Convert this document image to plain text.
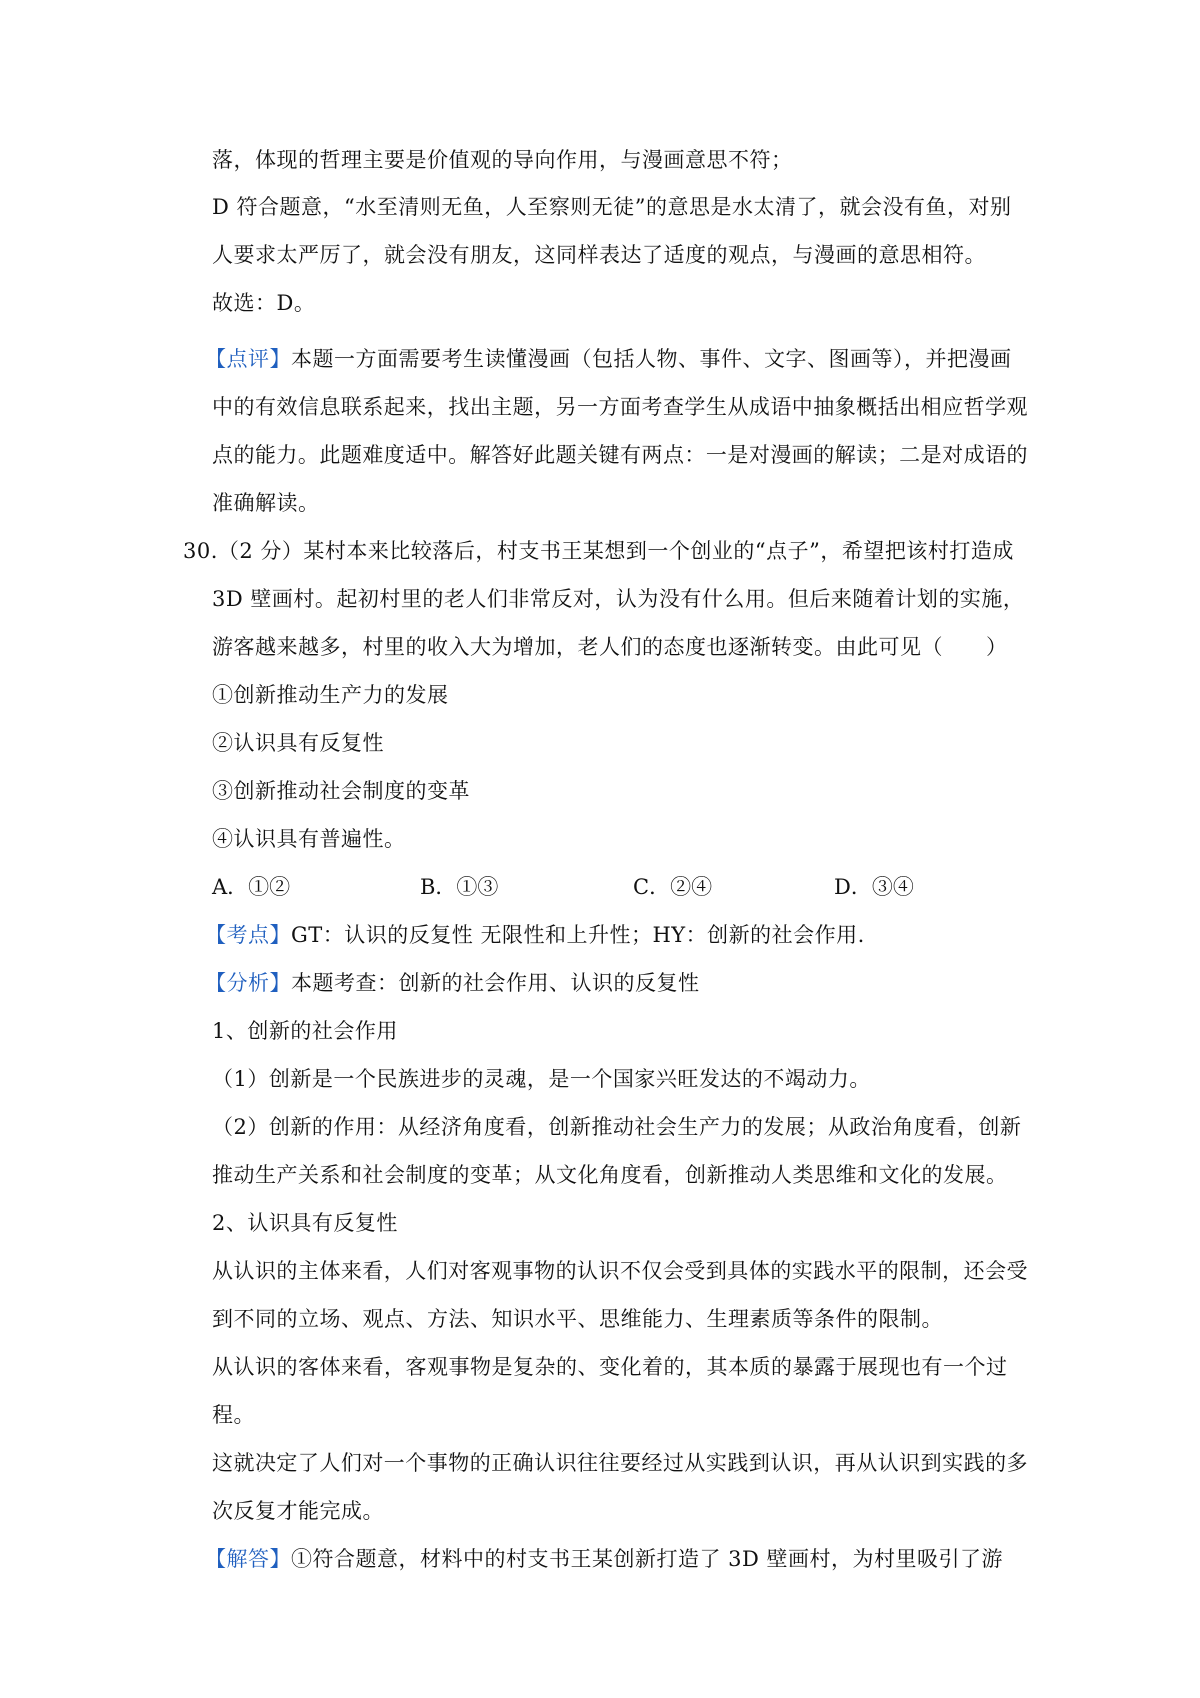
落，体现的哲理主要是价值观的导向作用，与漫画意思不符；
D 符合题意，“水至清则无鱼，人至察则无徒”的意思是水太清了，就会没有鱼，对别
人要求太严厉了，就会没有朋友，这同样表达了适度的观点，与漫画的意思相符。
故选：D。
【点评】本题一方面需要考生读懂漫画（包括人物、事件、文字、图画等），并把漫画
中的有效信息联系起来，找出主题，另一方面考查学生从成语中抽象概括出相应哲学观
点的能力。此题难度适中。解答好此题关键有两点：一是对漫画的解读；二是对成语的
准确解读。
30.（2 分）某村本来比较落后，村支书王某想到一个创业的“点子”，希望把该村打造成
3D 壁画村。起初村里的老人们非常反对，认为没有什么用。但后来随着计划的实施，
游客越来越多，村里的收入大为增加，老人们的态度也逐渐转变。由此可见（　　）
①创新推动生产力的发展
②认识具有反复性
③创新推动社会制度的变革
④认识具有普遍性。
A．①②	B．①③	C．②④	D．③④
【考点】GT：认识的反复性 无限性和上升性；HY：创新的社会作用.
【分析】本题考查：创新的社会作用、认识的反复性
1、创新的社会作用
（1）创新是一个民族进步的灵魂，是一个国家兴旺发达的不竭动力。
（2）创新的作用：从经济角度看，创新推动社会生产力的发展；从政治角度看，创新
推动生产关系和社会制度的变革；从文化角度看，创新推动人类思维和文化的发展。
2、认识具有反复性
从认识的主体来看，人们对客观事物的认识不仅会受到具体的实践水平的限制，还会受
到不同的立场、观点、方法、知识水平、思维能力、生理素质等条件的限制。
从认识的客体来看，客观事物是复杂的、变化着的，其本质的暴露于展现也有一个过
程。
这就决定了人们对一个事物的正确认识往往要经过从实践到认识，再从认识到实践的多
次反复才能完成。
【解答】①符合题意，材料中的村支书王某创新打造了 3D 壁画村，为村里吸引了游
